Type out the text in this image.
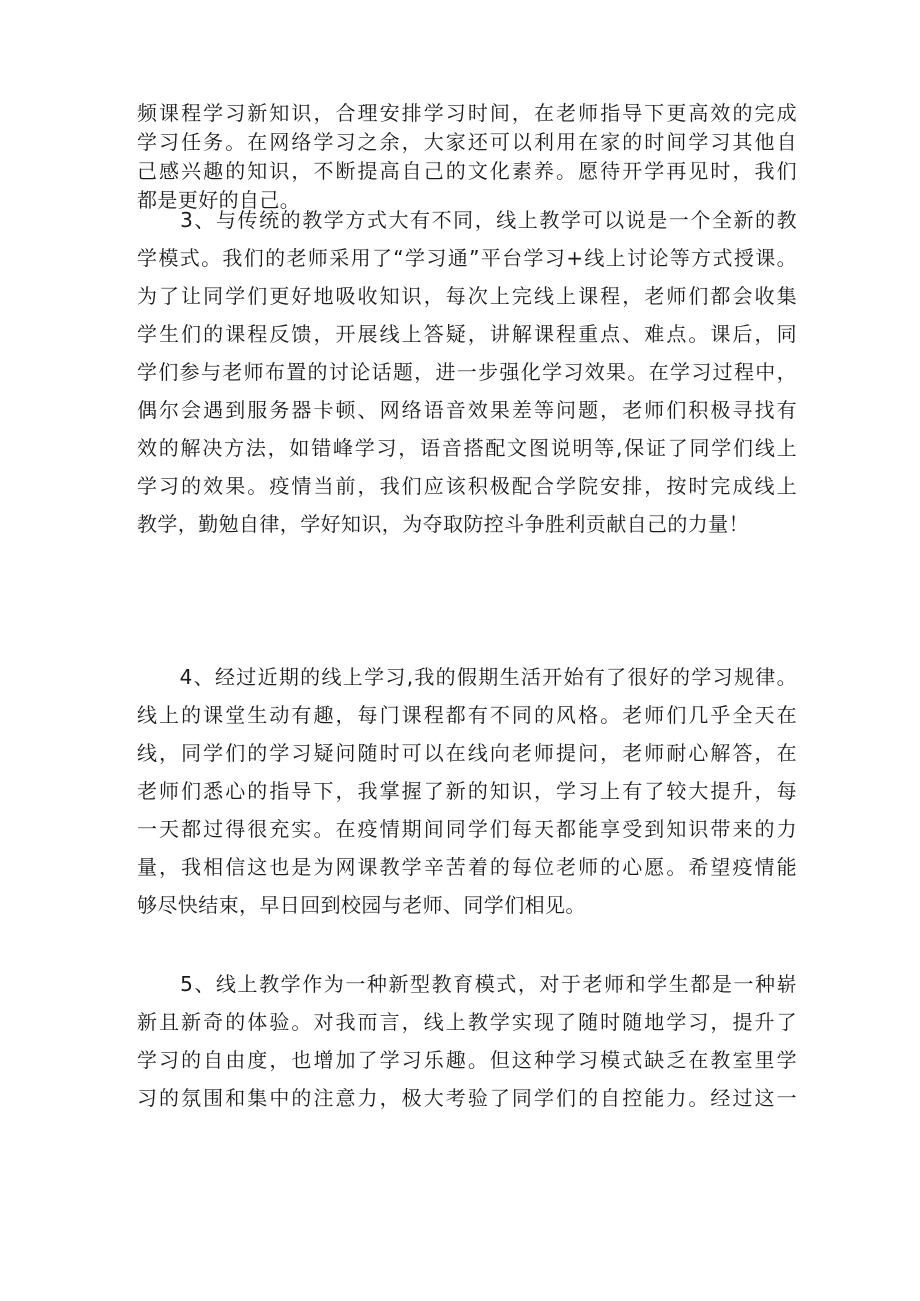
频课程学习新知识，合理安排学习时间，在老师指导下更高效的完成
学习任务。在网络学习之余，大家还可以利用在家的时间学习其他自
己感兴趣的知识，不断提高自己的文化素养。愿待开学再见时，我们
都是更好的自己。
　　3、与传统的教学方式大有不同，线上教学可以说是一个全新的教
学模式。我们的老师采用了“学习通”平台学习+线上讨论等方式授课。
为了让同学们更好地吸收知识，每次上完线上课程，老师们都会收集
学生们的课程反馈，开展线上答疑，讲解课程重点、难点。课后，同
学们参与老师布置的讨论话题，进一步强化学习效果。在学习过程中，
偶尔会遇到服务器卡顿、网络语音效果差等问题，老师们积极寻找有
效的解决方法，如错峰学习，语音搭配文图说明等,保证了同学们线上
学习的效果。疫情当前，我们应该积极配合学院安排，按时完成线上
教学，勤勉自律，学好知识，为夺取防控斗争胜利贡献自己的力量！
　　4、经过近期的线上学习,我的假期生活开始有了很好的学习规律。
线上的课堂生动有趣，每门课程都有不同的风格。老师们几乎全天在
线，同学们的学习疑问随时可以在线向老师提问，老师耐心解答，在
老师们悉心的指导下，我掌握了新的知识，学习上有了较大提升，每
一天都过得很充实。在疫情期间同学们每天都能享受到知识带来的力
量，我相信这也是为网课教学辛苦着的每位老师的心愿。希望疫情能
够尽快结束，早日回到校园与老师、同学们相见。
　　5、线上教学作为一种新型教育模式，对于老师和学生都是一种崭
新且新奇的体验。对我而言，线上教学实现了随时随地学习，提升了
学习的自由度，也增加了学习乐趣。但这种学习模式缺乏在教室里学
习的氛围和集中的注意力，极大考验了同学们的自控能力。经过这一
